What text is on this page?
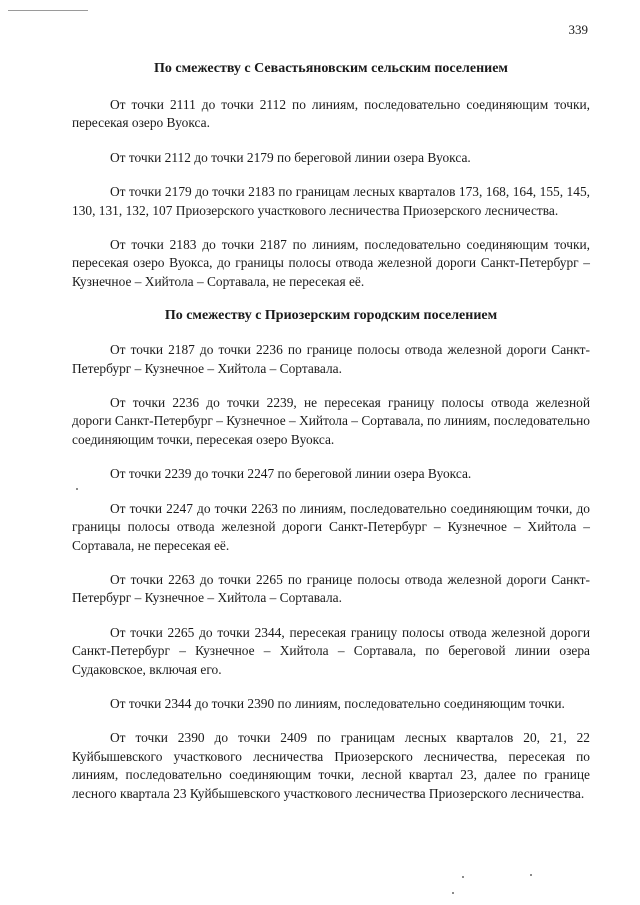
339

По смежеству с Севастьяновским сельским поселением

От точки 2111 до точки 2112 по линиям, последовательно соединяющим точки, пересекая озеро Вуокса.

От точки 2112 до точки 2179 по береговой линии озера Вуокса.

От точки 2179 до точки 2183 по границам лесных кварталов 173, 168, 164, 155, 145, 130, 131, 132, 107 Приозерского участкового лесничества Приозерского лесничества.

От точки 2183 до точки 2187 по линиям, последовательно соединяющим точки, пересекая озеро Вуокса, до границы полосы отвода железной дороги Санкт-Петербург – Кузнечное – Хийтола – Сортавала, не пересекая её.

По смежеству с Приозерским городским поселением

От точки 2187 до точки 2236 по границе полосы отвода железной дороги Санкт-Петербург – Кузнечное – Хийтола – Сортавала.

От точки 2236 до точки 2239, не пересекая границу полосы отвода железной дороги Санкт-Петербург – Кузнечное – Хийтола – Сортавала, по линиям, последовательно соединяющим точки, пересекая озеро Вуокса.

От точки 2239 до точки 2247 по береговой линии озера Вуокса.

От точки 2247 до точки 2263 по линиям, последовательно соединяющим точки, до границы полосы отвода железной дороги Санкт-Петербург – Кузнечное – Хийтола – Сортавала, не пересекая её.

От точки 2263 до точки 2265 по границе полосы отвода железной дороги Санкт-Петербург – Кузнечное – Хийтола – Сортавала.

От точки 2265 до точки 2344, пересекая границу полосы отвода железной дороги Санкт-Петербург – Кузнечное – Хийтола – Сортавала, по береговой линии озера Судаковское, включая его.

От точки 2344 до точки 2390 по линиям, последовательно соединяющим точки.

От точки 2390 до точки 2409 по границам лесных кварталов 20, 21, 22 Куйбышевского участкового лесничества Приозерского лесничества, пересекая по линиям, последовательно соединяющим точки, лесной квартал 23, далее по границе лесного квартала 23 Куйбышевского участкового лесничества Приозерского лесничества.
